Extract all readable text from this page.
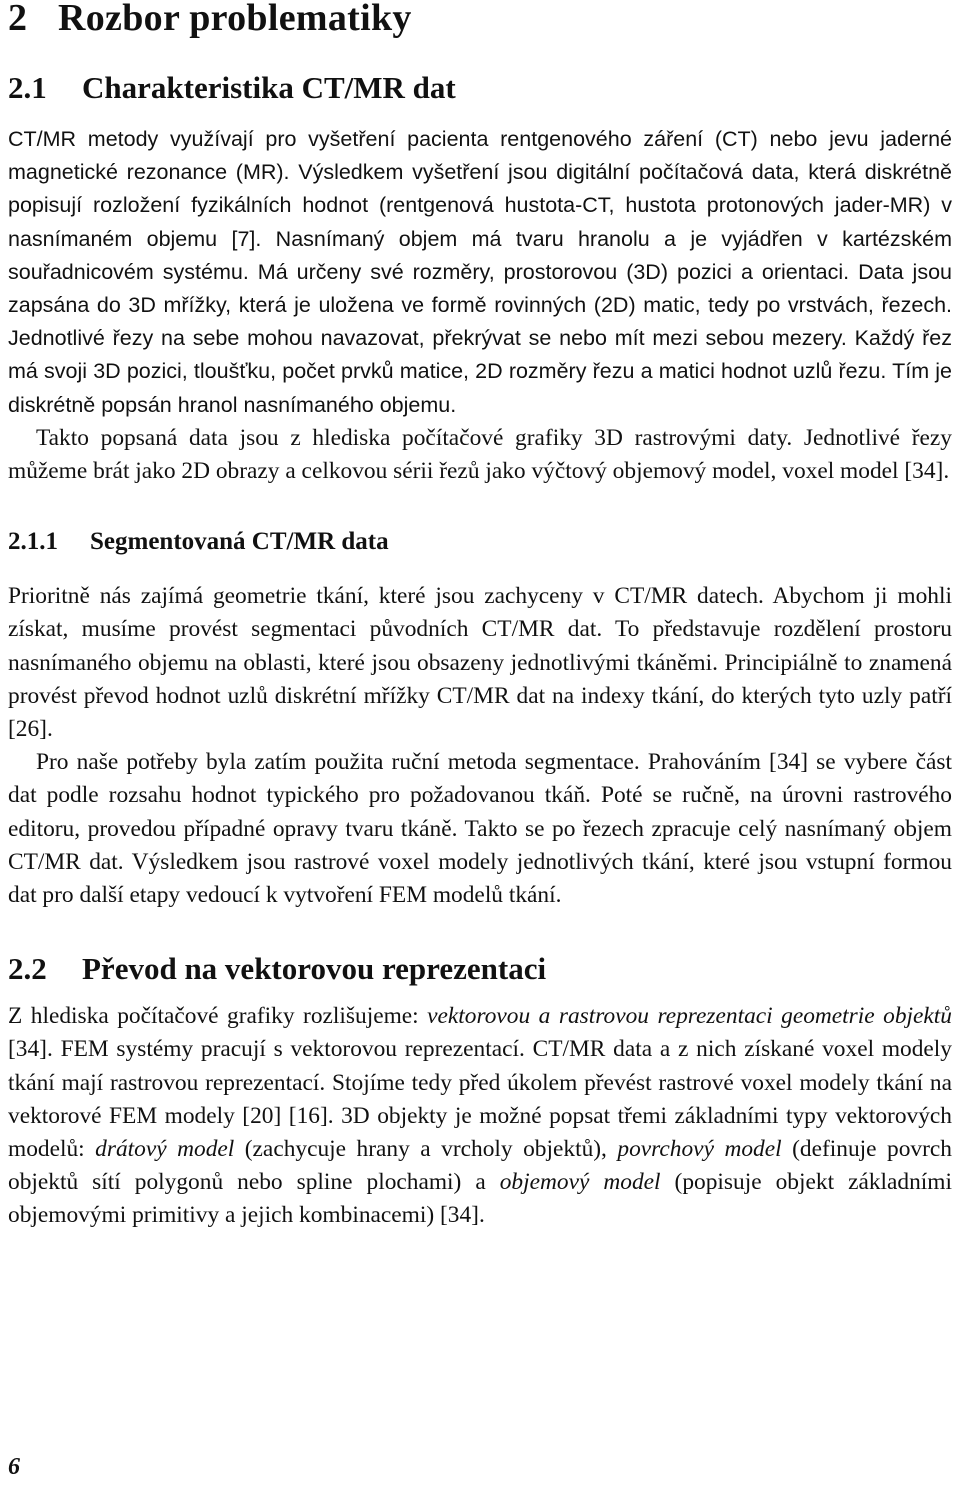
2 Rozbor problematiky
2.1 Charakteristika CT/MR dat

CT/MR metody využívají pro vyšetření pacienta rentgenového záření (CT) nebo jevu jaderné magnetické rezonance (MR). Výsledkem vyšetření jsou digitální počítačová data, která diskrétně popisují rozložení fyzikálních hodnot (rentgenová hustota-CT, hustota protonových jader-MR) v nasnímaném objemu [7]. Nasnímaný objem má tvaru hranolu a je vyjádřen v kartézském souřadnicovém systému. Má určeny své rozměry, prostorovou (3D) pozici a orientaci. Data jsou zapsána do 3D mřížky, která je uložena ve formě rovinných (2D) matic, tedy po vrstvách, řezech. Jednotlivé řezy na sebe mohou navazovat, překrývat se nebo mít mezi sebou mezery. Každý řez má svoji 3D pozici, tloušťku, počet prvků matice, 2D rozměry řezu a matici hodnot uzlů řezu. Tím je diskrétně popsán hranol nasnímaného objemu.

Takto popsaná data jsou z hlediska počítačové grafiky 3D rastrovými daty. Jednotlivé řezy můžeme brát jako 2D obrazy a celkovou sérii řezů jako výčtový objemový model, voxel model [34].

2.1.1 Segmentovaná CT/MR data

Prioritně nás zajímá geometrie tkání, které jsou zachyceny v CT/MR datech. Abychom ji mohli získat, musíme provést segmentaci původních CT/MR dat. To představuje rozdělení prostoru nasnímaného objemu na oblasti, které jsou obsazeny jednotlivými tkáněmi. Principiálně to znamená provést převod hodnot uzlů diskrétní mřížky CT/MR dat na indexy tkání, do kterých tyto uzly patří [26].

Pro naše potřeby byla zatím použita ruční metoda segmentace. Prahováním [34] se vybere část dat podle rozsahu hodnot typického pro požadovanou tkáň. Poté se ručně, na úrovni rastrového editoru, provedou případné opravy tvaru tkáně. Takto se po řezech zpracuje celý nasnímaný objem CT/MR dat. Výsledkem jsou rastrové voxel modely jednotlivých tkání, které jsou vstupní formou dat pro další etapy vedoucí k vytvoření FEM modelů tkání.

2.2 Převod na vektorovou reprezentaci

Z hlediska počítačové grafiky rozlišujeme: vektorovou a rastrovou reprezentaci geometrie objektů [34]. FEM systémy pracují s vektorovou reprezentací. CT/MR data a z nich získané voxel modely tkání mají rastrovou reprezentací. Stojíme tedy před úkolem převést rastrové voxel modely tkání na vektorové FEM modely [20] [16]. 3D objekty je možné popsat třemi základními typy vektorových modelů: drátový model (zachycuje hrany a vrcholy objektů), povrchový model (definuje povrch objektů sítí polygonů nebo spline plochami) a objemový model (popisuje objekt základními objemovými primitivy a jejich kombinacemi) [34].

6
